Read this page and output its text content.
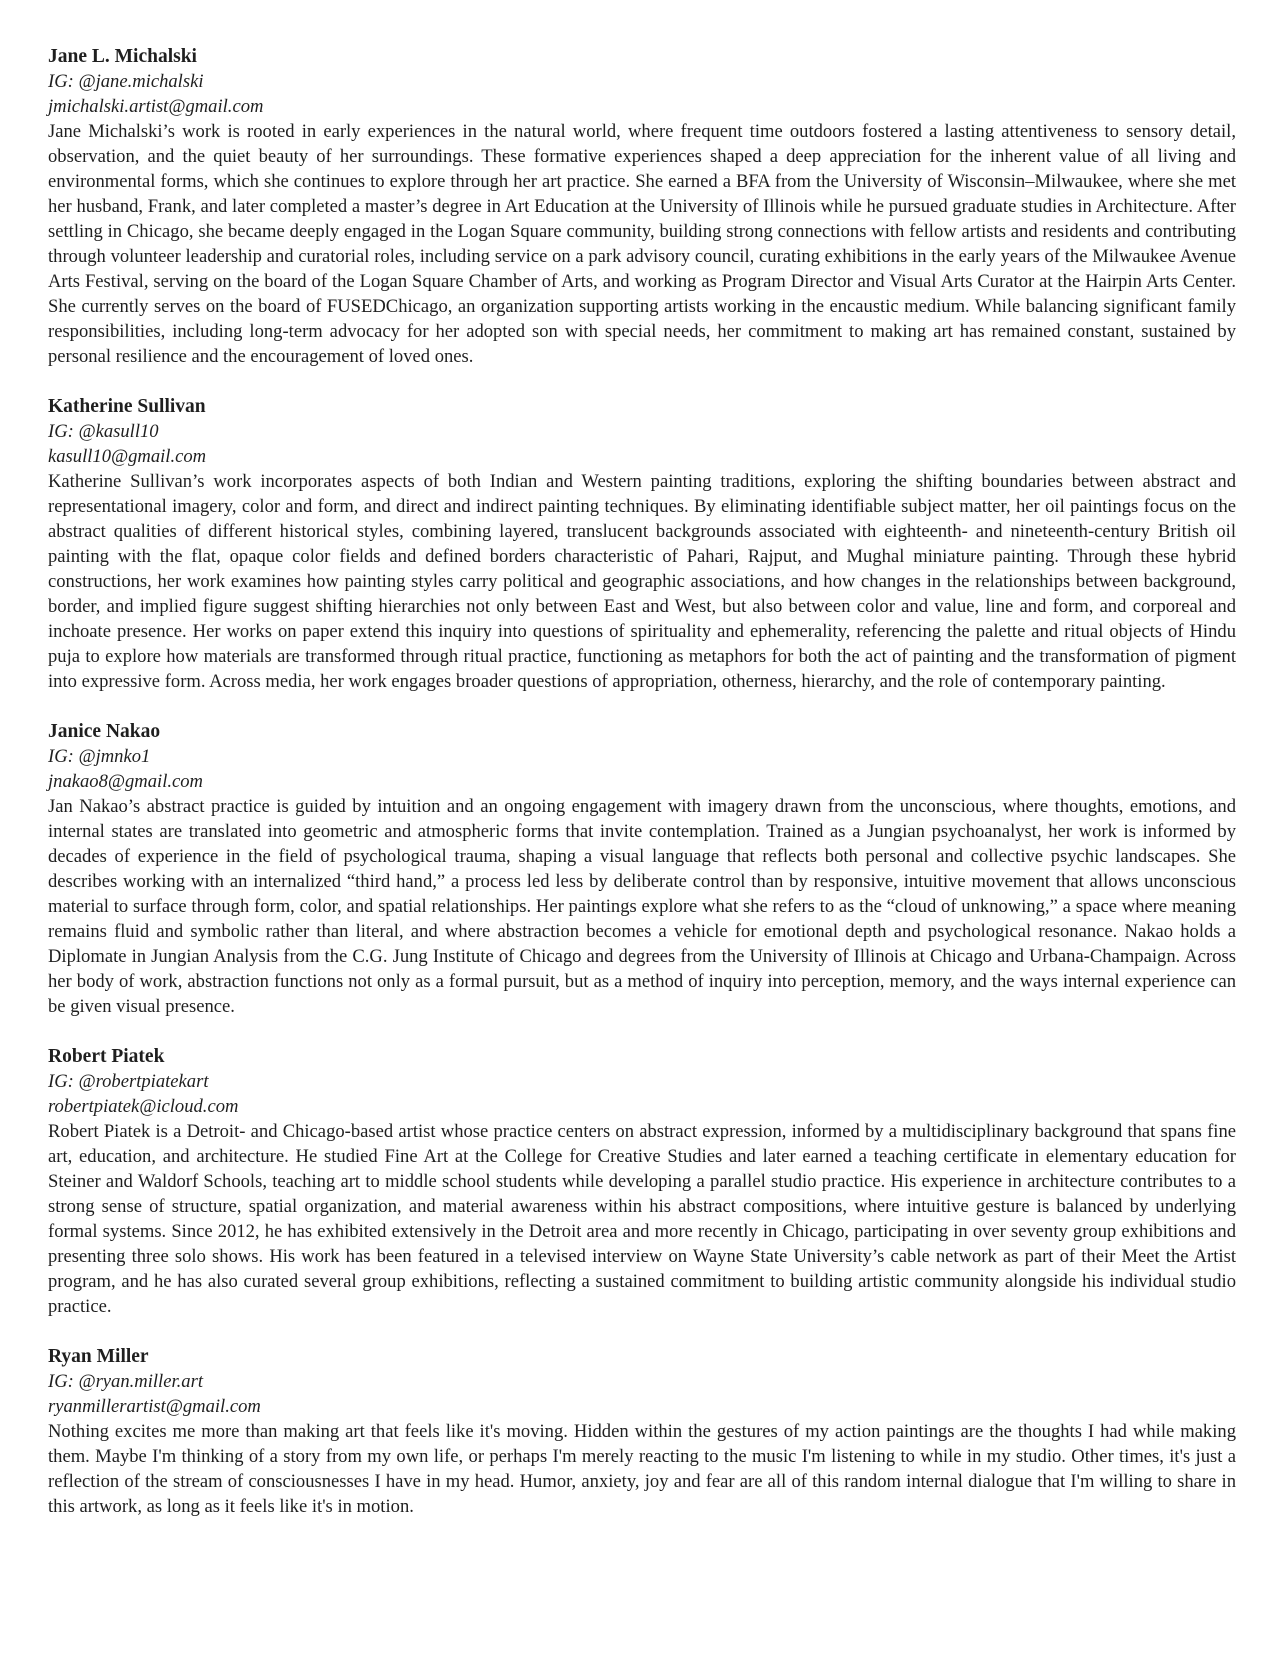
Jane L. Michalski
IG: @jane.michalski
jmichalski.artist@gmail.com

Jane Michalski’s work is rooted in early experiences in the natural world, where frequent time outdoors fostered a lasting attentiveness to sensory detail, observation, and the quiet beauty of her surroundings. These formative experiences shaped a deep appreciation for the inherent value of all living and environmental forms, which she continues to explore through her art practice. She earned a BFA from the University of Wisconsin–Milwaukee, where she met her husband, Frank, and later completed a master’s degree in Art Education at the University of Illinois while he pursued graduate studies in Architecture. After settling in Chicago, she became deeply engaged in the Logan Square community, building strong connections with fellow artists and residents and contributing through volunteer leadership and curatorial roles, including service on a park advisory council, curating exhibitions in the early years of the Milwaukee Avenue Arts Festival, serving on the board of the Logan Square Chamber of Arts, and working as Program Director and Visual Arts Curator at the Hairpin Arts Center. She currently serves on the board of FUSEDChicago, an organization supporting artists working in the encaustic medium. While balancing significant family responsibilities, including long-term advocacy for her adopted son with special needs, her commitment to making art has remained constant, sustained by personal resilience and the encouragement of loved ones.

Katherine Sullivan
IG: @kasull10
kasull10@gmail.com

Katherine Sullivan’s work incorporates aspects of both Indian and Western painting traditions, exploring the shifting boundaries between abstract and representational imagery, color and form, and direct and indirect painting techniques. By eliminating identifiable subject matter, her oil paintings focus on the abstract qualities of different historical styles, combining layered, translucent backgrounds associated with eighteenth- and nineteenth-century British oil painting with the flat, opaque color fields and defined borders characteristic of Pahari, Rajput, and Mughal miniature painting. Through these hybrid constructions, her work examines how painting styles carry political and geographic associations, and how changes in the relationships between background, border, and implied figure suggest shifting hierarchies not only between East and West, but also between color and value, line and form, and corporeal and inchoate presence. Her works on paper extend this inquiry into questions of spirituality and ephemerality, referencing the palette and ritual objects of Hindu puja to explore how materials are transformed through ritual practice, functioning as metaphors for both the act of painting and the transformation of pigment into expressive form. Across media, her work engages broader questions of appropriation, otherness, hierarchy, and the role of contemporary painting.

Janice Nakao
IG: @jmnko1
jnakao8@gmail.com

Jan Nakao’s abstract practice is guided by intuition and an ongoing engagement with imagery drawn from the unconscious, where thoughts, emotions, and internal states are translated into geometric and atmospheric forms that invite contemplation. Trained as a Jungian psychoanalyst, her work is informed by decades of experience in the field of psychological trauma, shaping a visual language that reflects both personal and collective psychic landscapes. She describes working with an internalized “third hand,” a process led less by deliberate control than by responsive, intuitive movement that allows unconscious material to surface through form, color, and spatial relationships. Her paintings explore what she refers to as the “cloud of unknowing,” a space where meaning remains fluid and symbolic rather than literal, and where abstraction becomes a vehicle for emotional depth and psychological resonance. Nakao holds a Diplomate in Jungian Analysis from the C.G. Jung Institute of Chicago and degrees from the University of Illinois at Chicago and Urbana-Champaign. Across her body of work, abstraction functions not only as a formal pursuit, but as a method of inquiry into perception, memory, and the ways internal experience can be given visual presence.

Robert Piatek
IG: @robertpiatekart
robertpiatek@icloud.com

Robert Piatek is a Detroit- and Chicago-based artist whose practice centers on abstract expression, informed by a multidisciplinary background that spans fine art, education, and architecture. He studied Fine Art at the College for Creative Studies and later earned a teaching certificate in elementary education for Steiner and Waldorf Schools, teaching art to middle school students while developing a parallel studio practice. His experience in architecture contributes to a strong sense of structure, spatial organization, and material awareness within his abstract compositions, where intuitive gesture is balanced by underlying formal systems. Since 2012, he has exhibited extensively in the Detroit area and more recently in Chicago, participating in over seventy group exhibitions and presenting three solo shows. His work has been featured in a televised interview on Wayne State University’s cable network as part of their Meet the Artist program, and he has also curated several group exhibitions, reflecting a sustained commitment to building artistic community alongside his individual studio practice.

Ryan Miller
IG: @ryan.miller.art
ryanmillerartist@gmail.com

Nothing excites me more than making art that feels like it's moving. Hidden within the gestures of my action paintings are the thoughts I had while making them. Maybe I'm thinking of a story from my own life, or perhaps I'm merely reacting to the music I'm listening to while in my studio. Other times, it's just a reflection of the stream of consciousnesses I have in my head. Humor, anxiety, joy and fear are all of this random internal dialogue that I'm willing to share in this artwork, as long as it feels like it's in motion.
